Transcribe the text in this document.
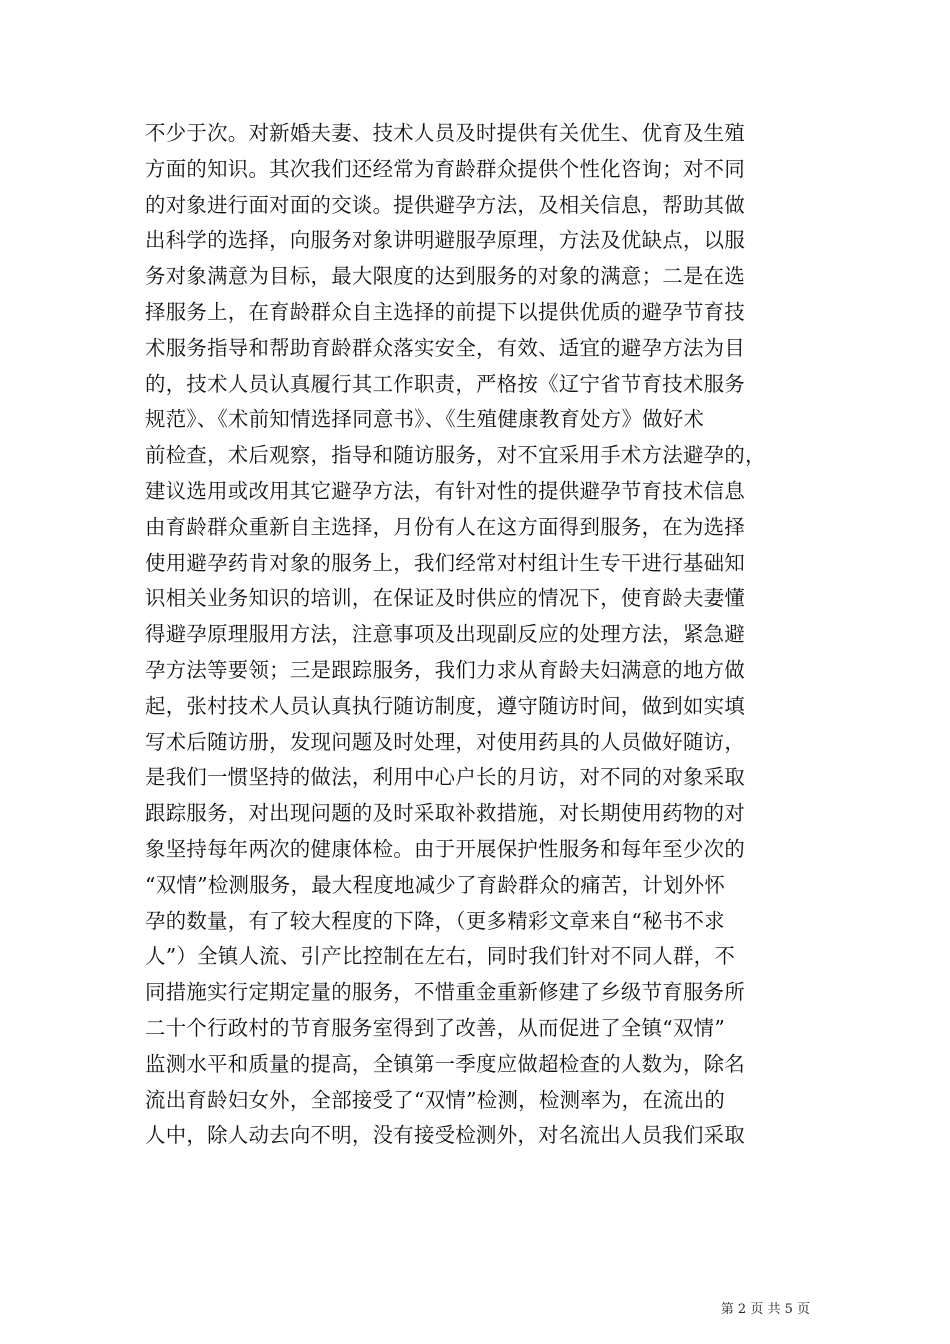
不少于次。对新婚夫妻、技术人员及时提供有关优生、优育及生殖
方面的知识。其次我们还经常为育龄群众提供个性化咨询；对不同
的对象进行面对面的交谈。提供避孕方法，及相关信息，帮助其做
出科学的选择，向服务对象讲明避服孕原理，方法及优缺点，以服
务对象满意为目标，最大限度的达到服务的对象的满意；二是在选
择服务上，在育龄群众自主选择的前提下以提供优质的避孕节育技
术服务指导和帮助育龄群众落实安全，有效、适宜的避孕方法为目
的，技术人员认真履行其工作职责，严格按《辽宁省节育技术服务
规范》、《术前知情选择同意书》、《生殖健康教育处方》做好术
前检查，术后观察，指导和随访服务，对不宜采用手术方法避孕的，
建议选用或改用其它避孕方法，有针对性的提供避孕节育技术信息
由育龄群众重新自主选择，月份有人在这方面得到服务，在为选择
使用避孕药肯对象的服务上，我们经常对村组计生专干进行基础知
识相关业务知识的培训，在保证及时供应的情况下，使育龄夫妻懂
得避孕原理服用方法，注意事项及出现副反应的处理方法，紧急避
孕方法等要领；三是跟踪服务，我们力求从育龄夫妇满意的地方做
起，张村技术人员认真执行随访制度，遵守随访时间，做到如实填
写术后随访册，发现问题及时处理，对使用药具的人员做好随访，
是我们一惯坚持的做法，利用中心户长的月访，对不同的对象采取
跟踪服务，对出现问题的及时采取补救措施，对长期使用药物的对
象坚持每年两次的健康体检。由于开展保护性服务和每年至少次的
“双情”检测服务，最大程度地减少了育龄群众的痛苦，计划外怀
孕的数量，有了较大程度的下降，（更多精彩文章来自“秘书不求
人”）全镇人流、引产比控制在左右，同时我们针对不同人群，不
同措施实行定期定量的服务，不惜重金重新修建了乡级节育服务所
二十个行政村的节育服务室得到了改善，从而促进了全镇“双情”
监测水平和质量的提高，全镇第一季度应做超检查的人数为，除名
流出育龄妇女外，全部接受了“双情”检测，检测率为，在流出的
人中，除人动去向不明，没有接受检测外，对名流出人员我们采取
第 2 页 共 5 页
